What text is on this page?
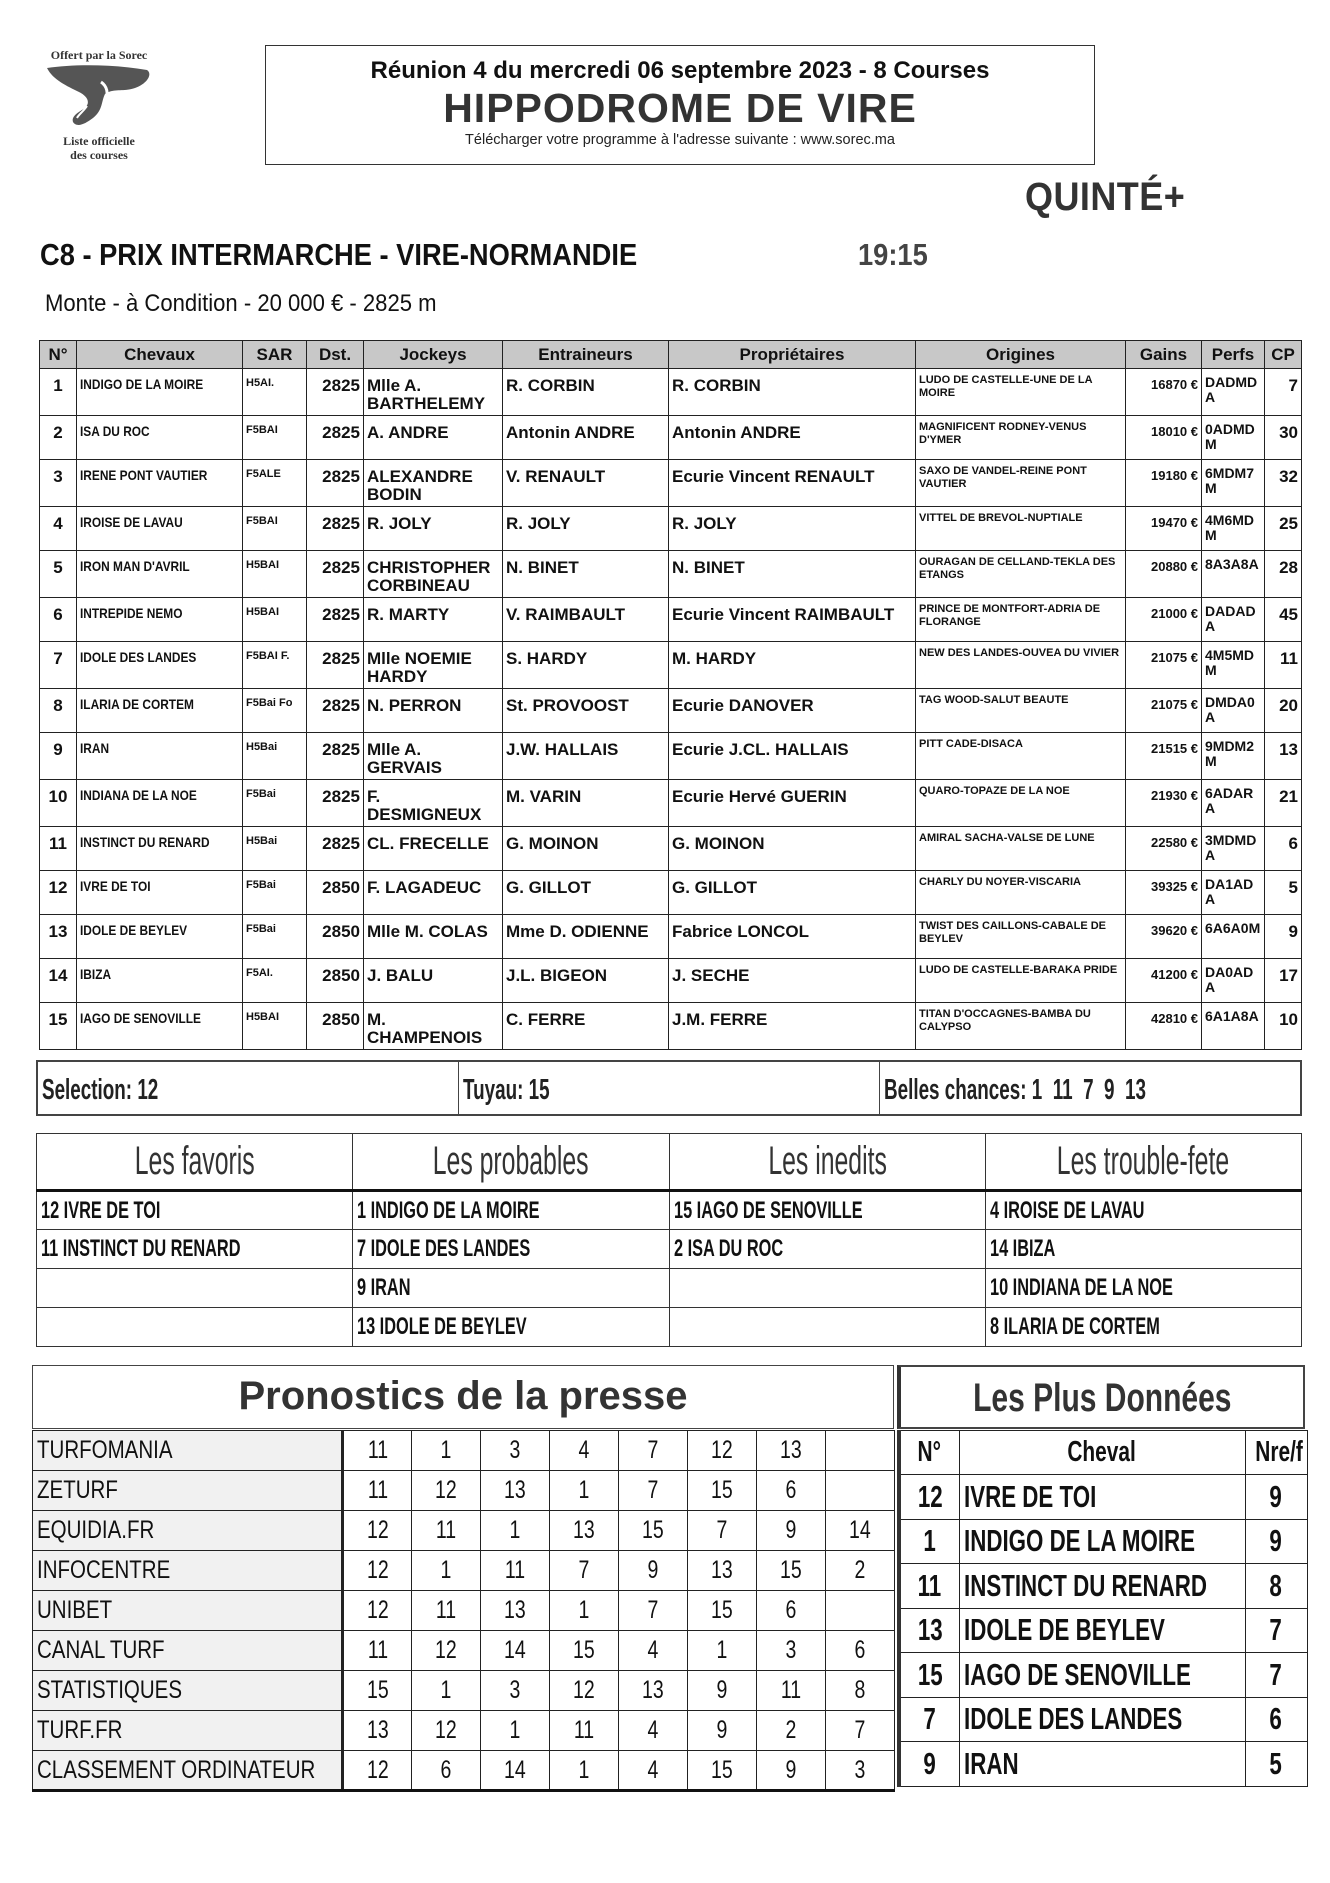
Offert par la Sorec
Liste officielle
des courses
Réunion 4 du mercredi 06 septembre 2023 - 8 Courses
HIPPODROME DE VIRE
Télécharger votre programme à l'adresse suivante : www.sorec.ma
QUINTÉ+
C8 - PRIX INTERMARCHE - VIRE-NORMANDIE	19:15
Monte - à Condition - 20 000 € - 2825 m
N°	Chevaux	SAR	Dst.	Jockeys	Entraineurs	Propriétaires	Origines	Gains	Perfs	CP
1	INDIGO DE LA MOIRE	H5AI.	2825	Mlle A. BARTHELEMY	R. CORBIN	R. CORBIN	LUDO DE CASTELLE-UNE DE LA MOIRE	16870 €	DADMDA	7
2	ISA DU ROC	F5BAI	2825	A. ANDRE	Antonin ANDRE	Antonin ANDRE	MAGNIFICENT RODNEY-VENUS D'YMER	18010 €	0ADMDM	30
3	IRENE PONT VAUTIER	F5ALE	2825	ALEXANDRE BODIN	V. RENAULT	Ecurie Vincent RENAULT	SAXO DE VANDEL-REINE PONT VAUTIER	19180 €	6MDM7M	32
4	IROISE DE LAVAU	F5BAI	2825	R. JOLY	R. JOLY	R. JOLY	VITTEL DE BREVOL-NUPTIALE	19470 €	4M6MDM	25
5	IRON MAN D'AVRIL	H5BAI	2825	CHRISTOPHER CORBINEAU	N. BINET	N. BINET	OURAGAN DE CELLAND-TEKLA DES ETANGS	20880 €	8A3A8A	28
6	INTREPIDE NEMO	H5BAI	2825	R. MARTY	V. RAIMBAULT	Ecurie Vincent RAIMBAULT	PRINCE DE MONTFORT-ADRIA DE FLORANGE	21000 €	DADADA	45
7	IDOLE DES LANDES	F5BAI F.	2825	Mlle NOEMIE HARDY	S. HARDY	M. HARDY	NEW DES LANDES-OUVEA DU VIVIER	21075 €	4M5MDM	11
8	ILARIA DE CORTEM	F5Bai Fo	2825	N. PERRON	St. PROVOOST	Ecurie DANOVER	TAG WOOD-SALUT BEAUTE	21075 €	DMDA0A	20
9	IRAN	H5Bai	2825	Mlle A. GERVAIS	J.W. HALLAIS	Ecurie J.CL. HALLAIS	PITT CADE-DISACA	21515 €	9MDM2M	13
10	INDIANA DE LA NOE	F5Bai	2825	F. DESMIGNEUX	M. VARIN	Ecurie Hervé GUERIN	QUARO-TOPAZE DE LA NOE	21930 €	6ADARA	21
11	INSTINCT DU RENARD	H5Bai	2825	CL. FRECELLE	G. MOINON	G. MOINON	AMIRAL SACHA-VALSE DE LUNE	22580 €	3MDMDA	6
12	IVRE DE TOI	F5Bai	2850	F. LAGADEUC	G. GILLOT	G. GILLOT	CHARLY DU NOYER-VISCARIA	39325 €	DA1ADA	5
13	IDOLE DE BEYLEV	F5Bai	2850	Mlle M. COLAS	Mme D. ODIENNE	Fabrice LONCOL	TWIST DES CAILLONS-CABALE DE BEYLEV	39620 €	6A6A0M	9
14	IBIZA	F5AI.	2850	J. BALU	J.L. BIGEON	J. SECHE	LUDO DE CASTELLE-BARAKA PRIDE	41200 €	DA0ADA	17
15	IAGO DE SENOVILLE	H5BAI	2850	M. CHAMPENOIS	C. FERRE	J.M. FERRE	TITAN D'OCCAGNES-BAMBA DU CALYPSO	42810 €	6A1A8A	10
Selection: 12	Tuyau: 15	Belles chances: 1  11  7  9  13
Les favoris	Les probables	Les inedits	Les trouble-fete
12 IVRE DE TOI	1 INDIGO DE LA MOIRE	15 IAGO DE SENOVILLE	4 IROISE DE LAVAU
11 INSTINCT DU RENARD	7 IDOLE DES LANDES	2 ISA DU ROC	14 IBIZA
	9 IRAN		10 INDIANA DE LA NOE
	13 IDOLE DE BEYLEV		8 ILARIA DE CORTEM
Pronostics de la presse	Les Plus Données
TURFOMANIA	11	1	3	4	7	12	13	
ZETURF	11	12	13	1	7	15	6	
EQUIDIA.FR	12	11	1	13	15	7	9	14
INFOCENTRE	12	1	11	7	9	13	15	2
UNIBET	12	11	13	1	7	15	6	
CANAL TURF	11	12	14	15	4	1	3	6
STATISTIQUES	15	1	3	12	13	9	11	8
TURF.FR	13	12	1	11	4	9	2	7
CLASSEMENT ORDINATEUR	12	6	14	1	4	15	9	3
N°	Cheval	Nre/f
12	IVRE DE TOI	9
1	INDIGO DE LA MOIRE	9
11	INSTINCT DU RENARD	8
13	IDOLE DE BEYLEV	7
15	IAGO DE SENOVILLE	7
7	IDOLE DES LANDES	6
9	IRAN	5
